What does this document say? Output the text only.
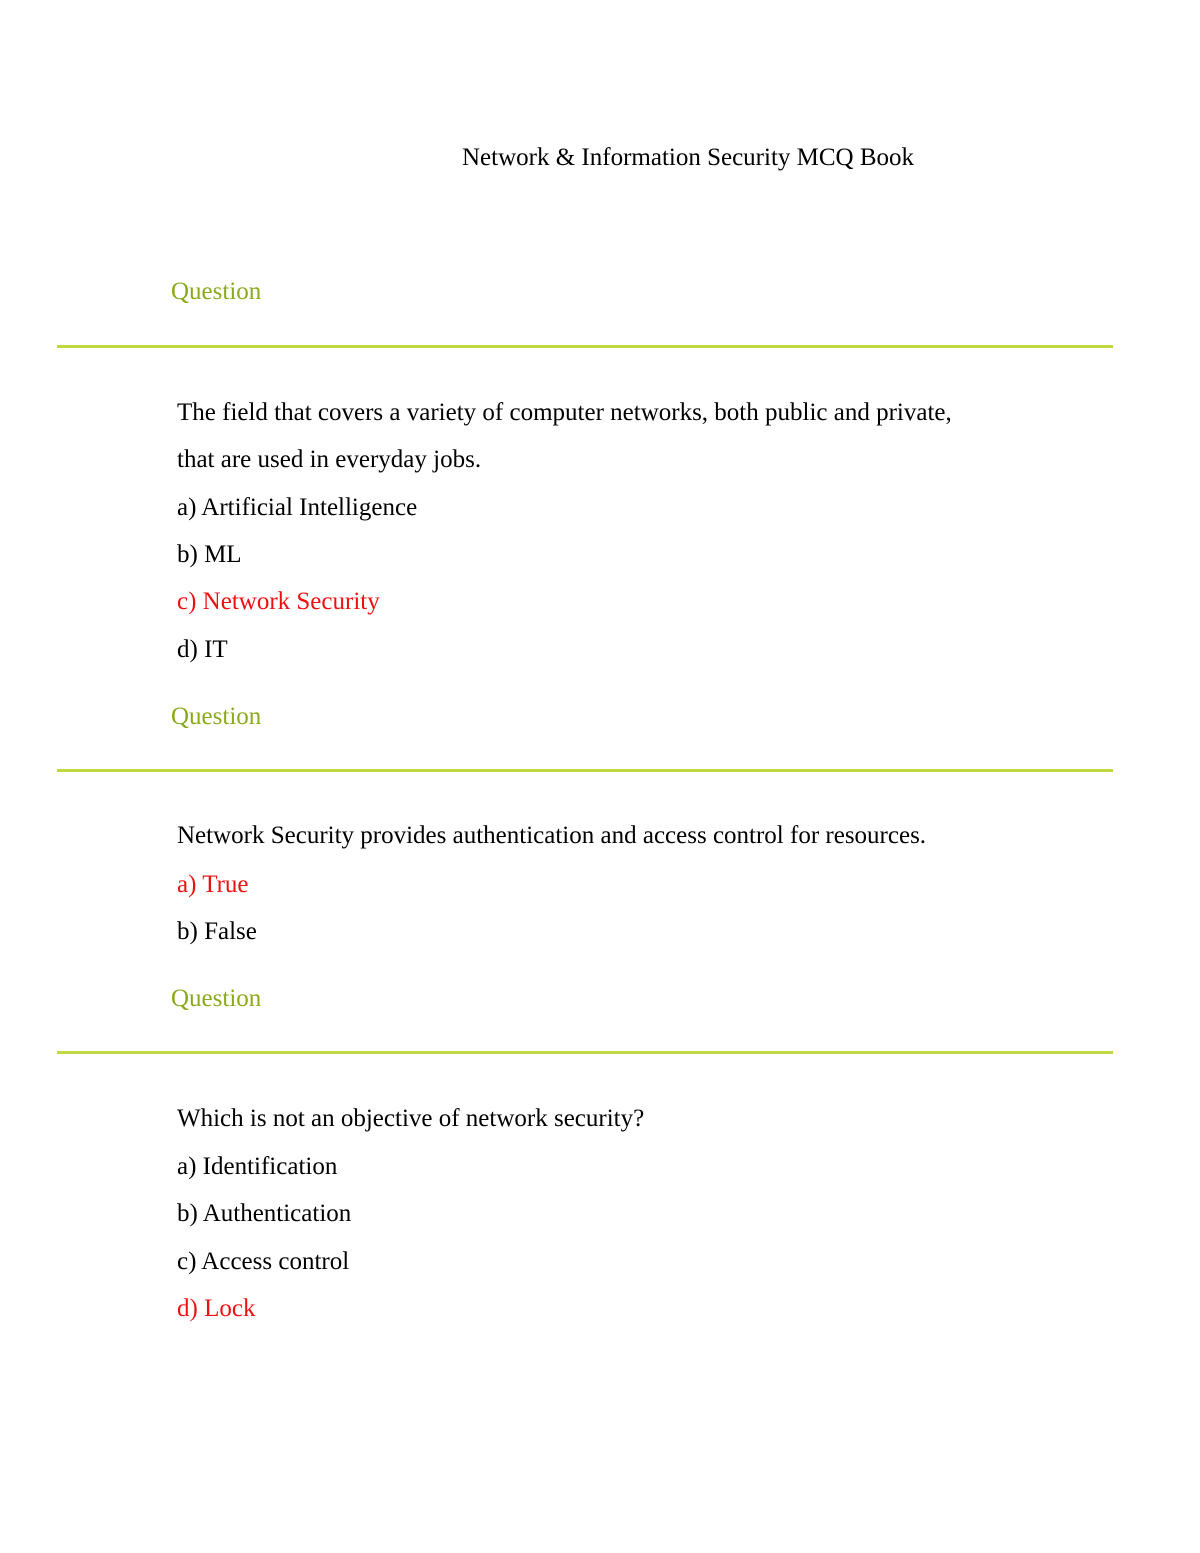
Network & Information Security MCQ Book
Question
The field that covers a variety of computer networks, both public and private,
that are used in everyday jobs.
a) Artificial Intelligence
b) ML
c) Network Security
d) IT
Question
Network Security provides authentication and access control for resources.
a) True
b) False
Question
Which is not an objective of network security?
a) Identification
b) Authentication
c) Access control
d) Lock
